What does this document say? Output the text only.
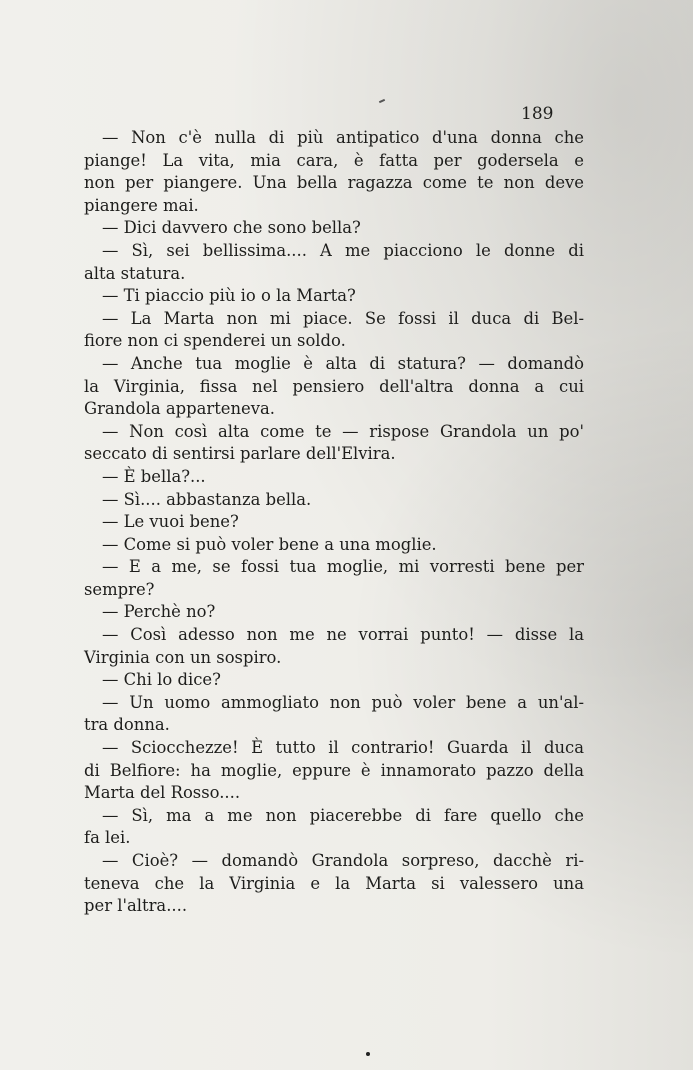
189
— Non c'è nulla di più antipatico d'una donna che
piange! La vita, mia cara, è fatta per godersela e
non per piangere. Una bella ragazza come te non deve
piangere mai.
— Dici davvero che sono bella?
— Sì, sei bellissima.... A me piacciono le donne di
alta statura.
— Ti piaccio più io o la Marta?
— La Marta non mi piace. Se fossi il duca di Bel-
fiore non ci spenderei un soldo.
— Anche tua moglie è alta di statura? — domandò
la Virginia, fissa nel pensiero dell'altra donna a cui
Grandola apparteneva.
— Non così alta come te — rispose Grandola un po'
seccato di sentirsi parlare dell'Elvira.
— È bella?...
— Sì.... abbastanza bella.
— Le vuoi bene?
— Come si può voler bene a una moglie.
— E a me, se fossi tua moglie, mi vorresti bene per
sempre?
— Perchè no?
— Così adesso non me ne vorrai punto! — disse la
Virginia con un sospiro.
— Chi lo dice?
— Un uomo ammogliato non può voler bene a un'al-
tra donna.
— Sciocchezze! È tutto il contrario! Guarda il duca
di Belfiore: ha moglie, eppure è innamorato pazzo della
Marta del Rosso....
— Sì, ma a me non piacerebbe di fare quello che
fa lei.
— Cioè? — domandò Grandola sorpreso, dacchè ri-
teneva che la Virginia e la Marta si valessero una
per l'altra....
